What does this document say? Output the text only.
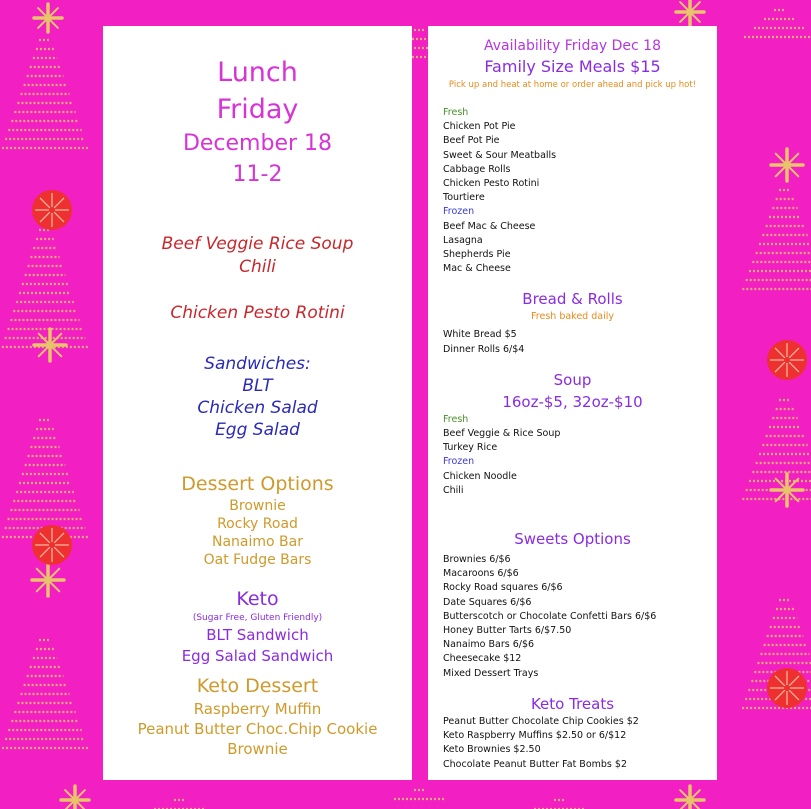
Lunch

Friday

December 18

11-2

Beef Veggie Rice Soup

Chili

Chicken Pesto Rotini

Sandwiches:

BLT

Chicken Salad

Egg Salad

Dessert Options

Brownie

Rocky Road

Nanaimo Bar

Oat Fudge Bars

Keto

(Sugar Free, Gluten Friendly)

BLT Sandwich

Egg Salad Sandwich

Keto Dessert

Raspberry Muffin

Peanut Butter Choc.Chip Cookie

Brownie

Availability Friday Dec 18
Family Size Meals $15
Pick up and heat at home or order ahead and pick up hot!
Fresh
Chicken Pot Pie
Beef Pot Pie
Sweet & Sour Meatballs
Cabbage Rolls
Chicken Pesto Rotini
Tourtiere
Frozen
Beef Mac & Cheese
Lasagna
Shepherds Pie
Mac & Cheese
Bread & Rolls
Fresh baked daily
White Bread $5
Dinner Rolls 6/$4
Soup
16oz-$5, 32oz-$10
Fresh
Beef Veggie & Rice Soup
Turkey Rice
Frozen
Chicken Noodle
Chili
Sweets Options
Brownies 6/$6
Macaroons 6/$6
Rocky Road squares 6/$6
Date Squares 6/$6
Butterscotch or Chocolate Confetti Bars 6/$6
Honey Butter Tarts 6/$7.50
Nanaimo Bars 6/$6
Cheesecake $12
Mixed Dessert Trays
Keto Treats
Peanut Butter Chocolate Chip Cookies $2
Keto Raspberry Muffins $2.50 or 6/$12
Keto Brownies $2.50
Chocolate Peanut Butter Fat Bombs $2
